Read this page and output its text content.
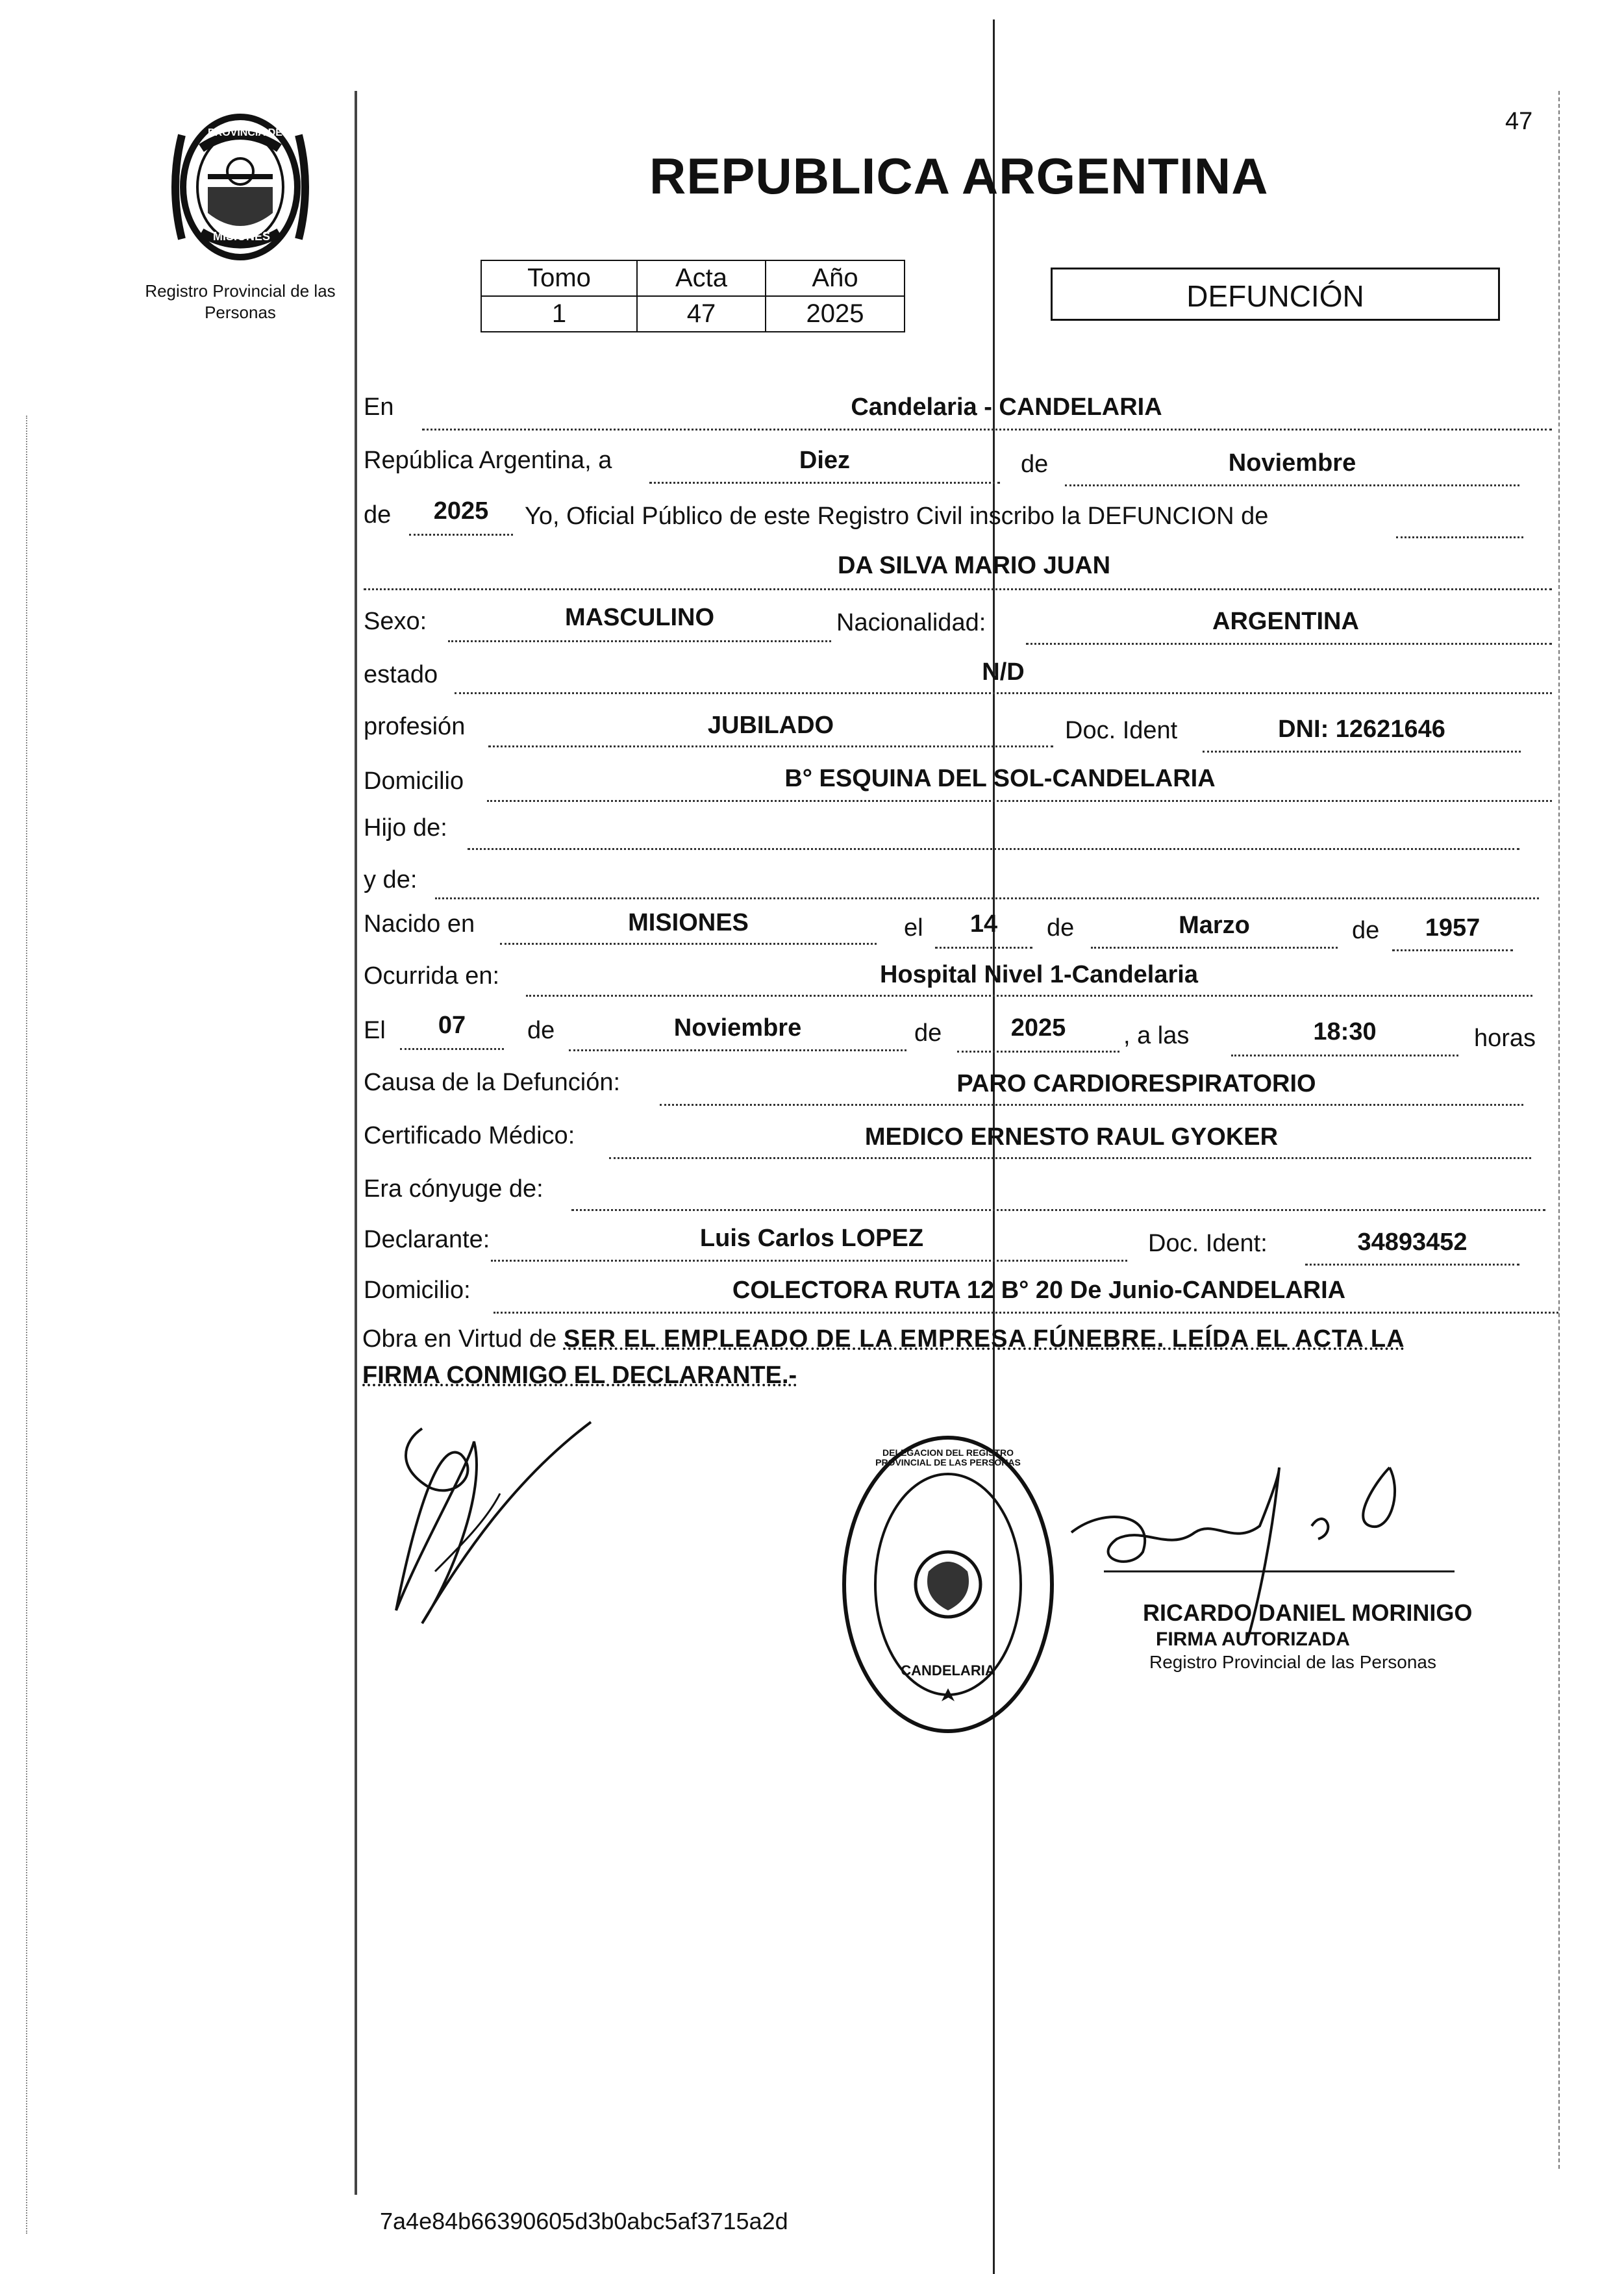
PROVINCIA DE
MISIONES
Registro Provincial de las Personas
47
REPUBLICA ARGENTINA
Tomo	Acta	Año
1	47	2025
DEFUNCIÓN
En	Candelaria - CANDELARIA
República Argentina, a	Diez	de	Noviembre
de	2025	Yo, Oficial Público de este Registro Civil inscribo la DEFUNCION de
DA SILVA MARIO JUAN
Sexo:	MASCULINO	Nacionalidad:	ARGENTINA
estado	N/D
profesión	JUBILADO	Doc. Ident	DNI: 12621646
Domicilio	B° ESQUINA DEL SOL-CANDELARIA
Hijo de:
y de:
Nacido en	MISIONES	el	14	de	Marzo	de	1957
Ocurrida en:	Hospital Nivel 1-Candelaria
El	07	de	Noviembre	de	2025	, a las	18:30	horas
Causa de la Defunción:	PARO CARDIORESPIRATORIO
Certificado Médico:	MEDICO ERNESTO RAUL GYOKER
Era cónyuge de:
Declarante:	Luis Carlos LOPEZ	Doc. Ident:	34893452
Domicilio:	COLECTORA RUTA 12 B° 20 De Junio-CANDELARIA
Obra en Virtud de SER EL EMPLEADO DE LA EMPRESA FÚNEBRE. LEÍDA EL ACTA LA
FIRMA CONMIGO EL DECLARANTE.-
DELEGACION DEL REGISTRO PROVINCIAL DE LAS PERSONAS
CANDELARIA
RICARDO DANIEL MORINIGO
FIRMA AUTORIZADA
Registro Provincial de las Personas
7a4e84b66390605d3b0abc5af3715a2d
